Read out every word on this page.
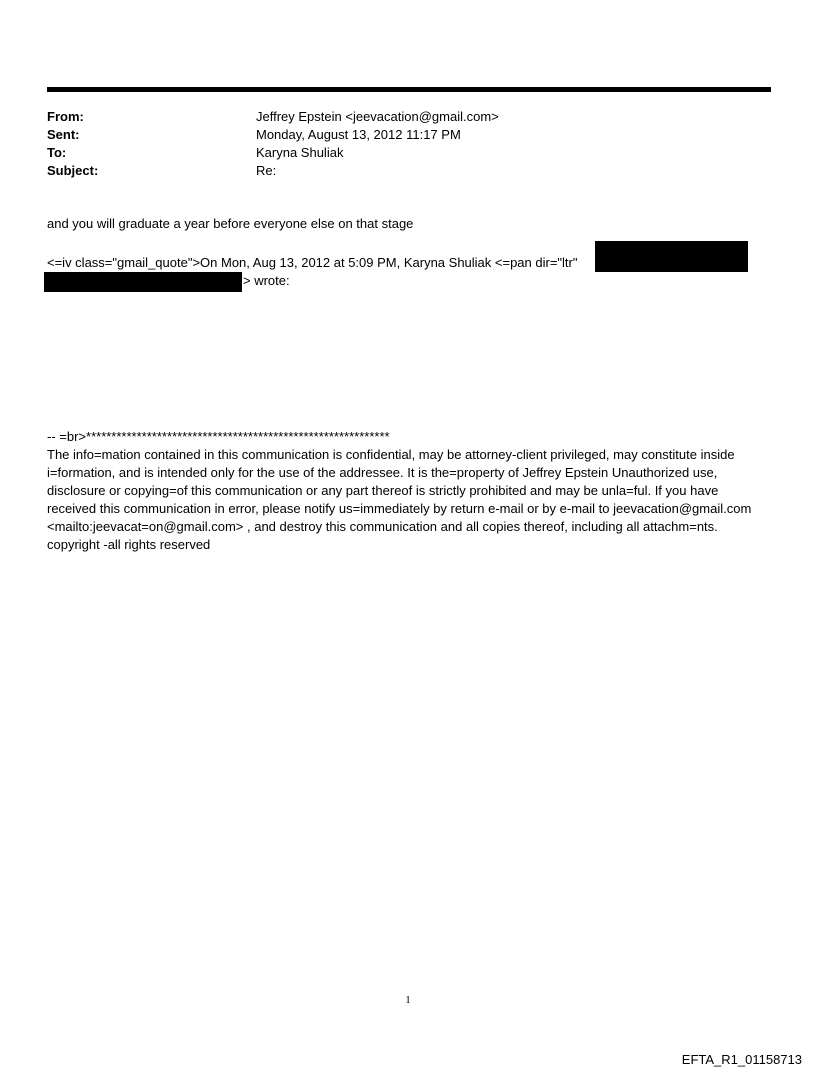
From:	Jeffrey Epstein <jeevacation@gmail.com>
Sent:	Monday, August 13, 2012 11:17 PM
To:	Karyna Shuliak
Subject:	Re:
and you will graduate a year before everyone else on that stage
<=iv class="gmail_quote">On Mon, Aug 13, 2012 at 5:09 PM, Karyna Shuliak <=pan dir="ltr"
> wrote:

-- =br>************************************************************

The info=mation contained in this communication is confidential, may be attorney-client privileged, may constitute inside i=formation, and is intended only for the use of the addressee. It is the=property of Jeffrey Epstein Unauthorized use, disclosure or copying=of this communication or any part thereof is strictly prohibited and may be unla=ful. If you have received this communication in error, please notify us=immediately by return e-mail or by e-mail to jeevacation@gmail.com <mailto:jeevacat=on@gmail.com> , and destroy this communication and all copies thereof, including all attachm=nts. copyright -all rights reserved

1
EFTA_R1_01158713
